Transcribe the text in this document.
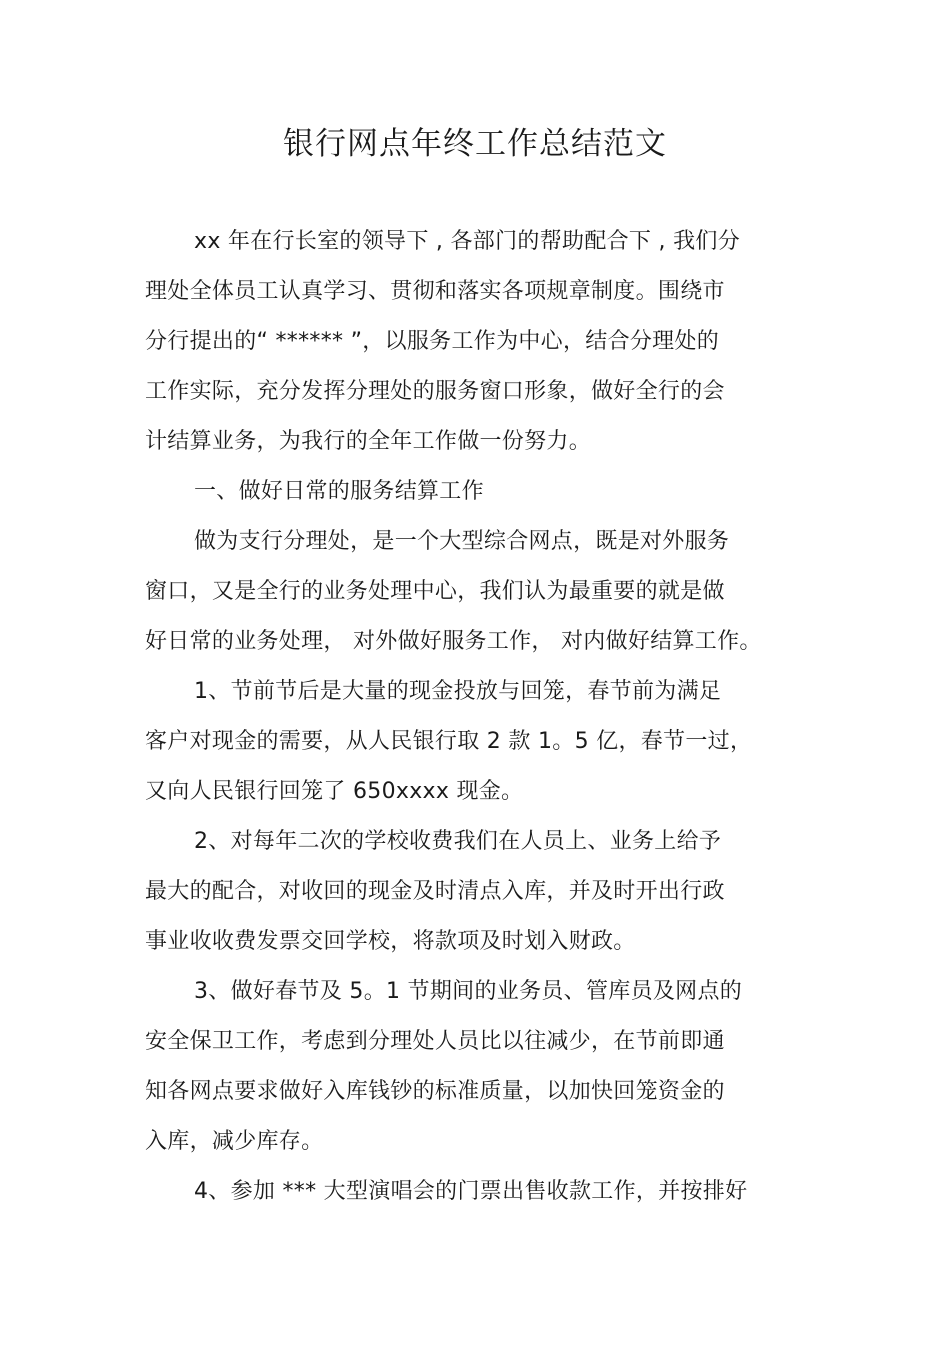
银行网点年终工作总结范文
xx 年在行长室的领导下 , 各部门的帮助配合下 , 我们分
理处全体员工认真学习、贯彻和落实各项规章制度。围绕市
分行提出的“ ****** ”，以服务工作为中心，结合分理处的
工作实际，充分发挥分理处的服务窗口形象，做好全行的会
计结算业务，为我行的全年工作做一份努力。
一、做好日常的服务结算工作
做为支行分理处，是一个大型综合网点，既是对外服务
窗口，又是全行的业务处理中心，我们认为最重要的就是做
好日常的业务处理， 对外做好服务工作， 对内做好结算工作。
1、节前节后是大量的现金投放与回笼，春节前为满足
客户对现金的需要，从人民银行取 2 款 1。5 亿，春节一过，
又向人民银行回笼了 650xxxx 现金。
2、对每年二次的学校收费我们在人员上、业务上给予
最大的配合，对收回的现金及时清点入库，并及时开出行政
事业收收费发票交回学校，将款项及时划入财政。
3、做好春节及 5。1 节期间的业务员、管库员及网点的
安全保卫工作，考虑到分理处人员比以往减少，在节前即通
知各网点要求做好入库钱钞的标准质量，以加快回笼资金的
入库，减少库存。
4、参加 *** 大型演唱会的门票出售收款工作，并按排好
